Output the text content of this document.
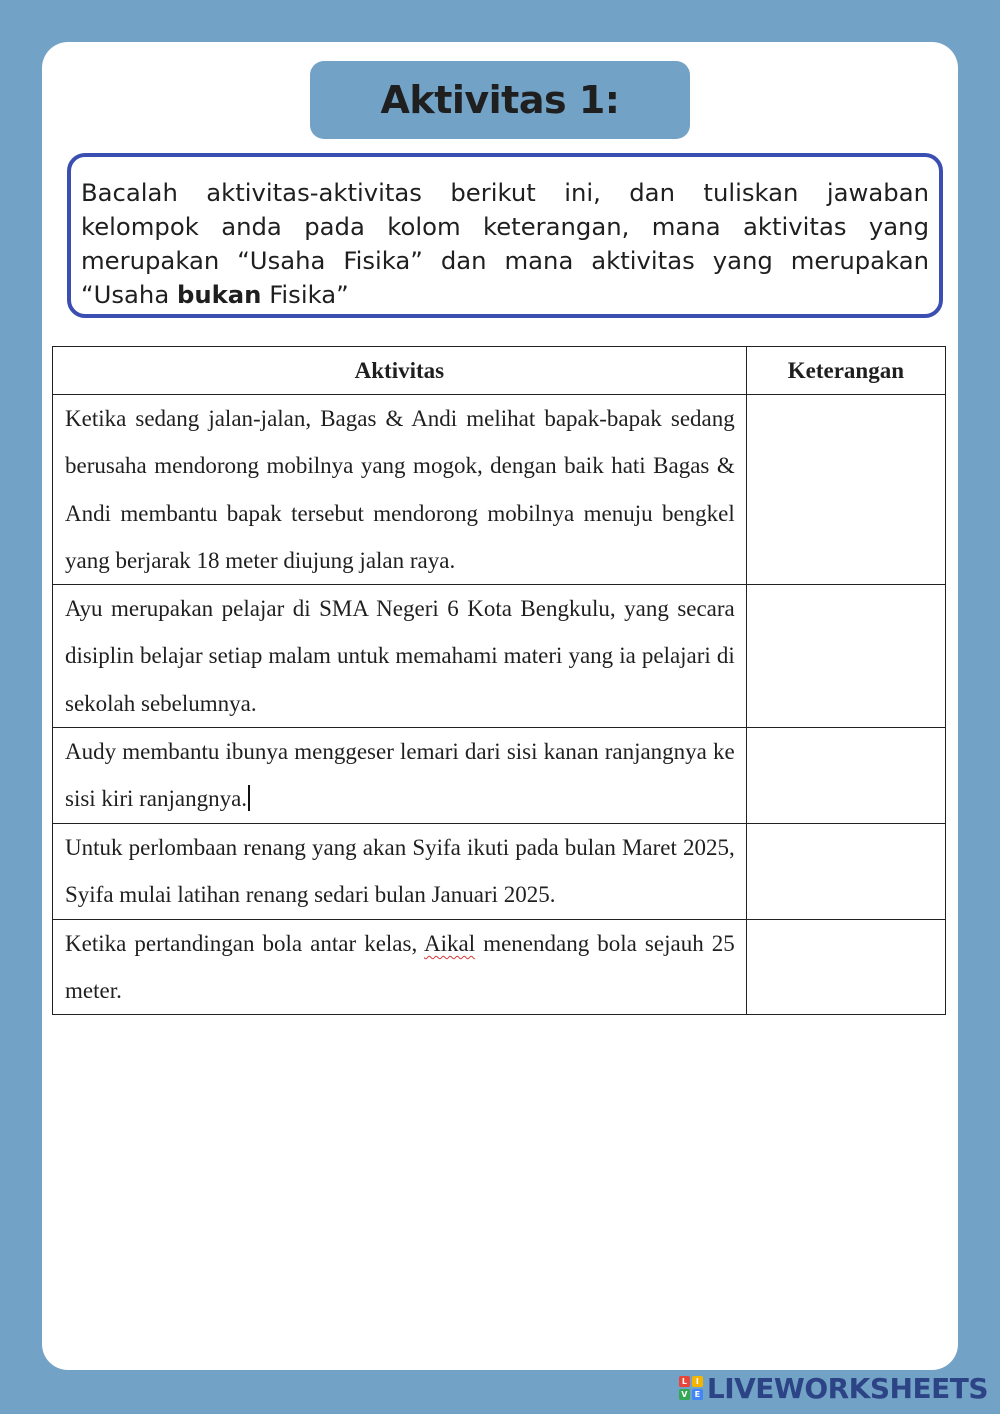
Aktivitas 1:

Bacalah aktivitas-aktivitas berikut ini, dan tuliskan jawaban kelompok anda pada kolom keterangan, mana aktivitas yang merupakan “Usaha Fisika” dan mana aktivitas yang merupakan “Usaha bukan Fisika”

Aktivitas	Keterangan

Ketika sedang jalan-jalan, Bagas & Andi melihat bapak-bapak sedang berusaha mendorong mobilnya yang mogok, dengan baik hati Bagas & Andi membantu bapak tersebut mendorong mobilnya menuju bengkel yang berjarak 18 meter diujung jalan raya.	

Ayu merupakan pelajar di SMA Negeri 6 Kota Bengkulu, yang secara disiplin belajar setiap malam untuk memahami materi yang ia pelajari di sekolah sebelumnya.	

Audy membantu ibunya menggeser lemari dari sisi kanan ranjangnya ke sisi kiri ranjangnya.	

Untuk perlombaan renang yang akan Syifa ikuti pada bulan Maret 2025, Syifa mulai latihan renang sedari bulan Januari 2025.	

Ketika pertandingan bola antar kelas, Aikal menendang bola sejauh 25 meter.	

L	I
V E LIVEWORKSHEETS
